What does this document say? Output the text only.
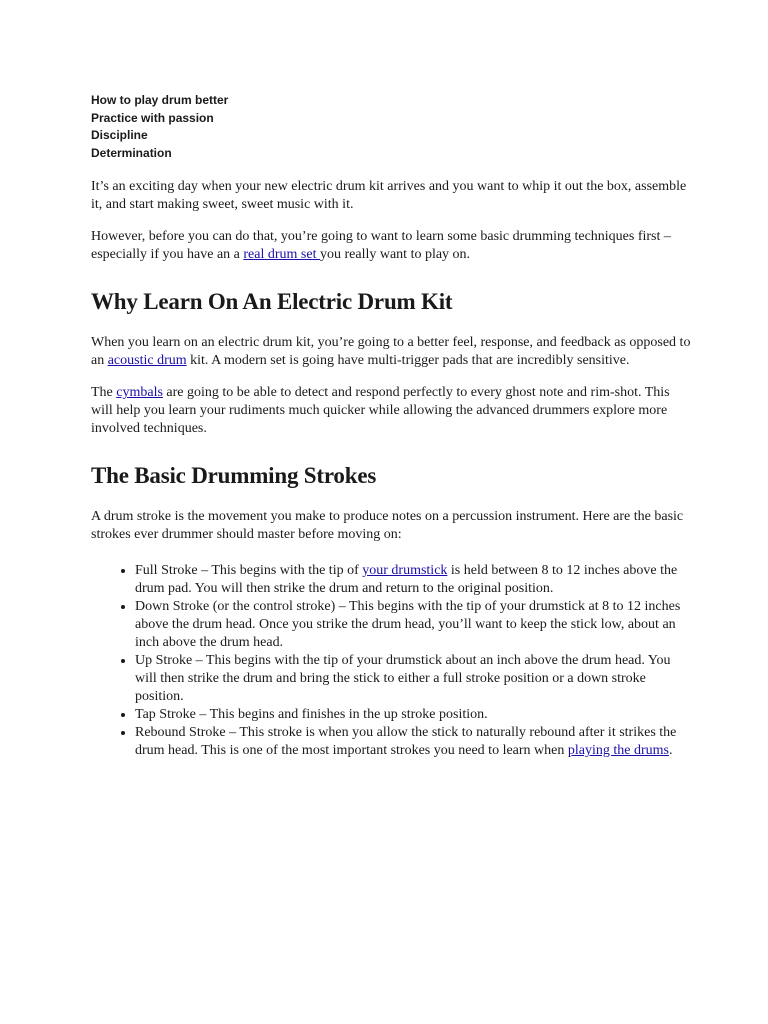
How to play drum better
Practice with passion
Discipline
Determination

It’s an exciting day when your new electric drum kit arrives and you want to whip it out the box, assemble it, and start making sweet, sweet music with it.

However, before you can do that, you’re going to want to learn some basic drumming techniques first – especially if you have an a real drum set you really want to play on.

Why Learn On An Electric Drum Kit

When you learn on an electric drum kit, you’re going to a better feel, response, and feedback as opposed to an acoustic drum kit. A modern set is going have multi-trigger pads that are incredibly sensitive.

The cymbals are going to be able to detect and respond perfectly to every ghost note and rim-shot. This will help you learn your rudiments much quicker while allowing the advanced drummers explore more involved techniques.

The Basic Drumming Strokes

A drum stroke is the movement you make to produce notes on a percussion instrument. Here are the basic strokes ever drummer should master before moving on:

• Full Stroke – This begins with the tip of your drumstick is held between 8 to 12 inches above the drum pad. You will then strike the drum and return to the original position.
• Down Stroke (or the control stroke) – This begins with the tip of your drumstick at 8 to 12 inches above the drum head. Once you strike the drum head, you’ll want to keep the stick low, about an inch above the drum head.
• Up Stroke – This begins with the tip of your drumstick about an inch above the drum head. You will then strike the drum and bring the stick to either a full stroke position or a down stroke position.
• Tap Stroke – This begins and finishes in the up stroke position.
• Rebound Stroke – This stroke is when you allow the stick to naturally rebound after it strikes the drum head. This is one of the most important strokes you need to learn when playing the drums.
